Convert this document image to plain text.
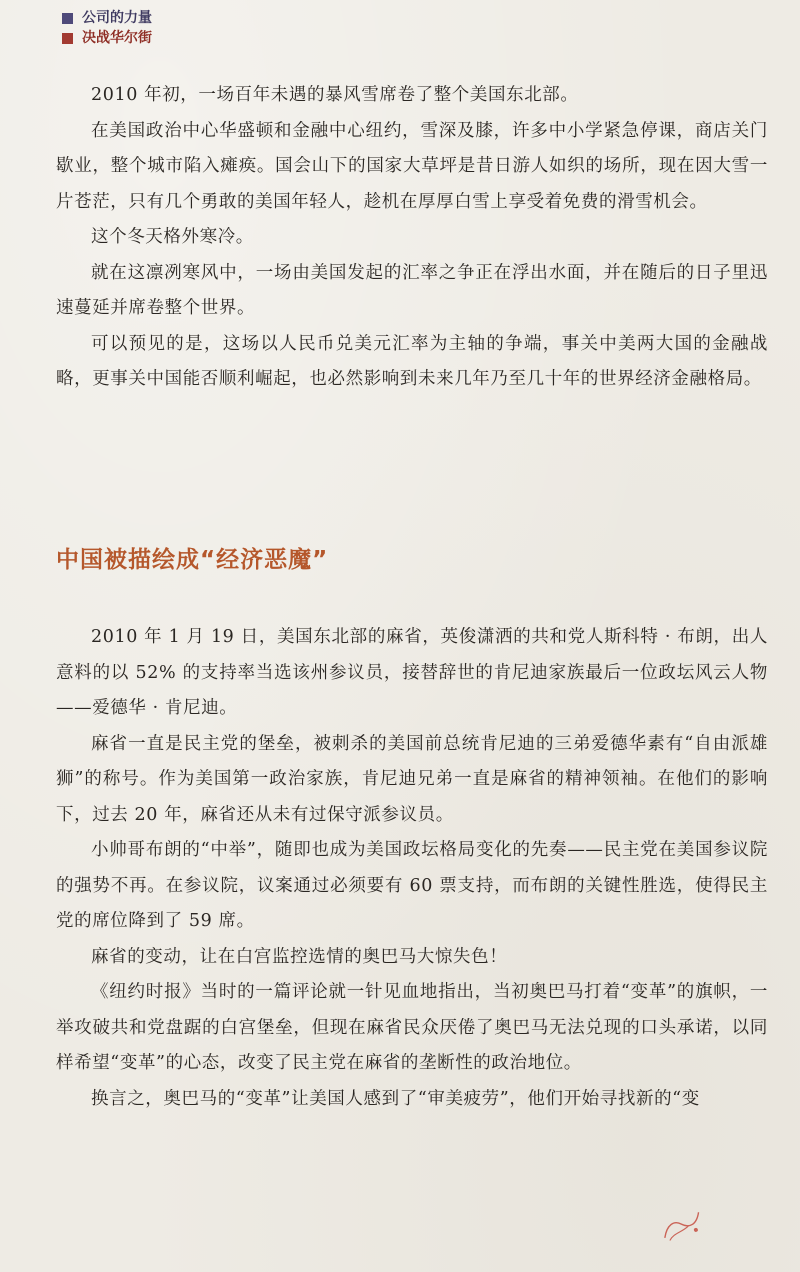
公司的力量
决战华尔街

2010 年初，一场百年未遇的暴风雪席卷了整个美国东北部。

在美国政治中心华盛顿和金融中心纽约，雪深及膝，许多中小学紧急停课，商店关门歇业，整个城市陷入瘫痪。国会山下的国家大草坪是昔日游人如织的场所，现在因大雪一片苍茫，只有几个勇敢的美国年轻人，趁机在厚厚白雪上享受着免费的滑雪机会。

这个冬天格外寒冷。

就在这凛冽寒风中，一场由美国发起的汇率之争正在浮出水面，并在随后的日子里迅速蔓延并席卷整个世界。

可以预见的是，这场以人民币兑美元汇率为主轴的争端，事关中美两大国的金融战略，更事关中国能否顺利崛起，也必然影响到未来几年乃至几十年的世界经济金融格局。

中国被描绘成“经济恶魔”

2010 年 1 月 19 日，美国东北部的麻省，英俊潇洒的共和党人斯科特 · 布朗，出人意料的以 52% 的支持率当选该州参议员，接替辞世的肯尼迪家族最后一位政坛风云人物——爱德华 · 肯尼迪。

麻省一直是民主党的堡垒，被刺杀的美国前总统肯尼迪的三弟爱德华素有“自由派雄狮”的称号。作为美国第一政治家族，肯尼迪兄弟一直是麻省的精神领袖。在他们的影响下，过去 20 年，麻省还从未有过保守派参议员。

小帅哥布朗的“中举”，随即也成为美国政坛格局变化的先奏——民主党在美国参议院的强势不再。在参议院，议案通过必须要有 60 票支持，而布朗的关键性胜选，使得民主党的席位降到了 59 席。

麻省的变动，让在白宫监控选情的奥巴马大惊失色！

《纽约时报》当时的一篇评论就一针见血地指出，当初奥巴马打着“变革”的旗帜，一举攻破共和党盘踞的白宫堡垒，但现在麻省民众厌倦了奥巴马无法兑现的口头承诺，以同样希望“变革”的心态，改变了民主党在麻省的垄断性的政治地位。

换言之，奥巴马的“变革”让美国人感到了“审美疲劳”，他们开始寻找新的“变
